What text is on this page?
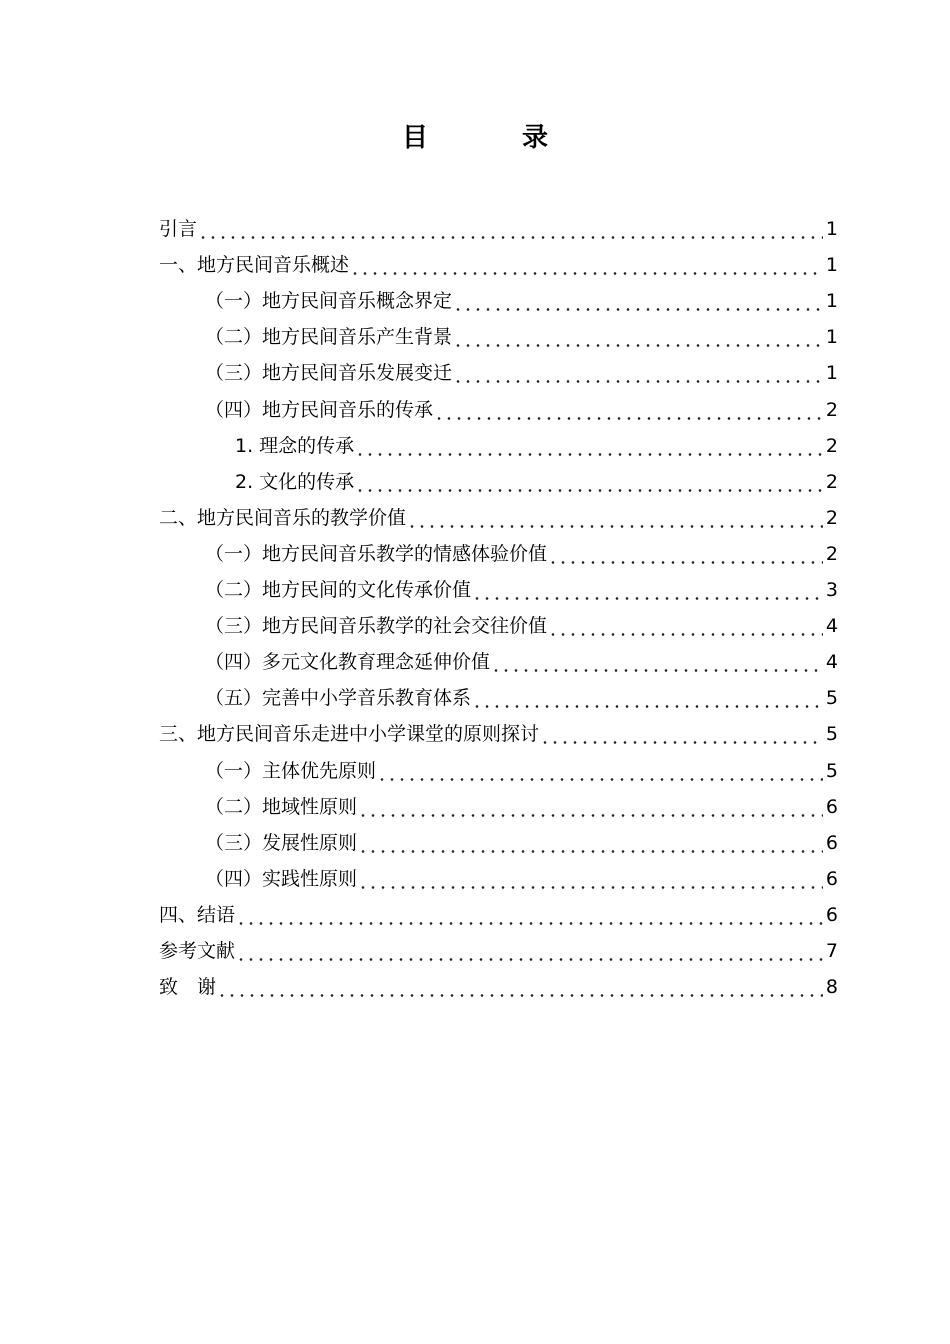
目　录
引言	1
一、地方民间音乐概述	1
（一）地方民间音乐概念界定	1
（二）地方民间音乐产生背景	1
（三）地方民间音乐发展变迁	1
（四）地方民间音乐的传承	2
1. 理念的传承	2
2. 文化的传承	2
二、地方民间音乐的教学价值	2
（一）地方民间音乐教学的情感体验价值	2
（二）地方民间的文化传承价值	3
（三）地方民间音乐教学的社会交往价值	4
（四）多元文化教育理念延伸价值	4
（五）完善中小学音乐教育体系	5
三、地方民间音乐走进中小学课堂的原则探讨	5
（一）主体优先原则	5
（二）地域性原则	6
（三）发展性原则	6
（四）实践性原则	6
四、结语	6
参考文献	7
致　谢	8
